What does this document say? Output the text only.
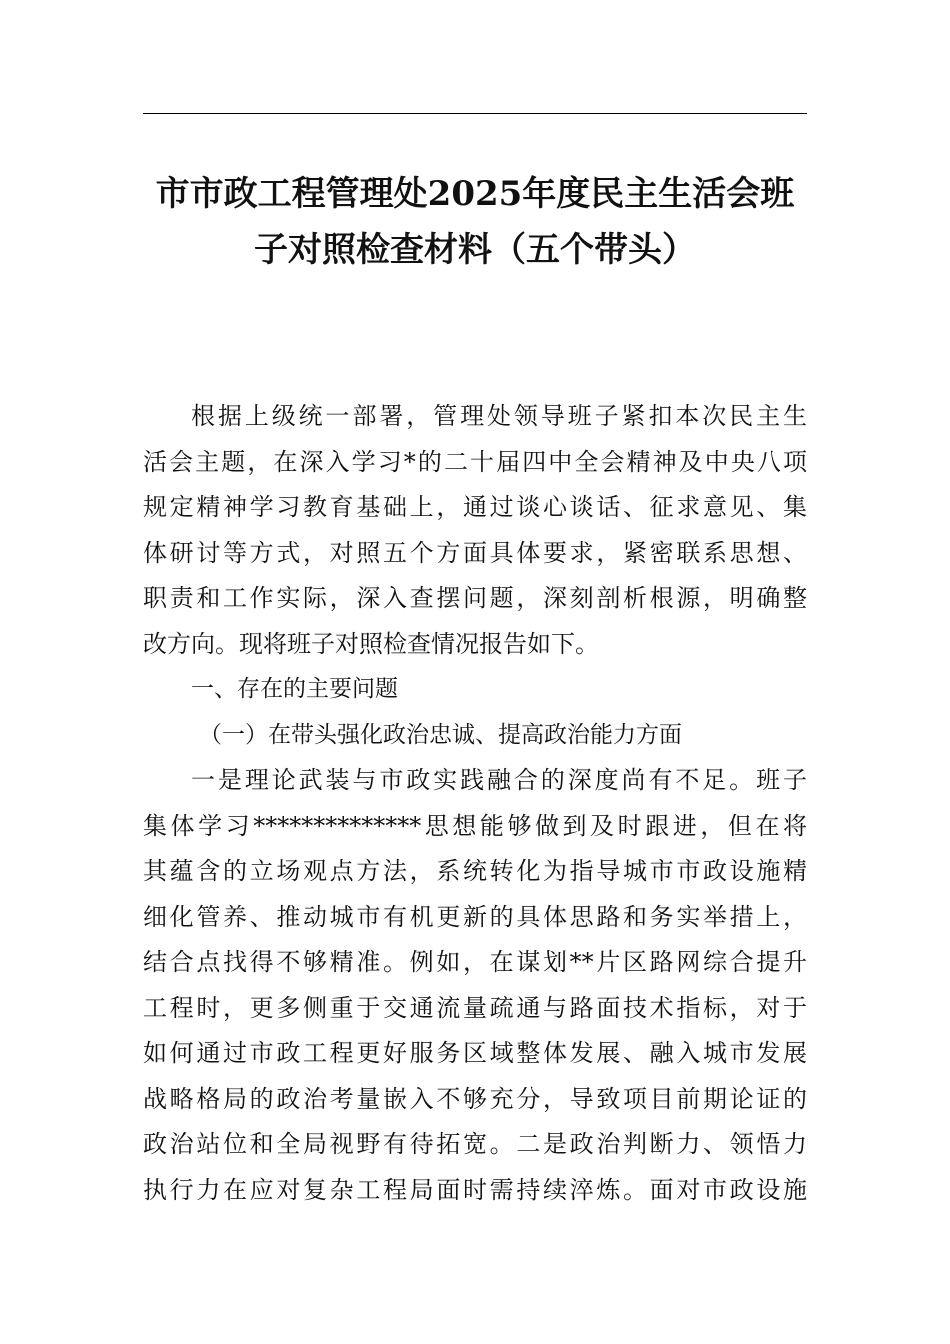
市市政工程管理处2025年度民主生活会班
子对照检查材料（五个带头）
根据上级统一部署，管理处领导班子紧扣本次民主生
活会主题，在深入学习*的二十届四中全会精神及中央八项
规定精神学习教育基础上，通过谈心谈话、征求意见、集
体研讨等方式，对照五个方面具体要求，紧密联系思想、
职责和工作实际，深入查摆问题，深刻剖析根源，明确整
改方向。现将班子对照检查情况报告如下。
一、存在的主要问题
（一）在带头强化政治忠诚、提高政治能力方面
一是理论武装与市政实践融合的深度尚有不足。班子
集体学习**************思想能够做到及时跟进，但在将
其蕴含的立场观点方法，系统转化为指导城市市政设施精
细化管养、推动城市有机更新的具体思路和务实举措上，
结合点找得不够精准。例如，在谋划**片区路网综合提升
工程时，更多侧重于交通流量疏通与路面技术指标，对于
如何通过市政工程更好服务区域整体发展、融入城市发展
战略格局的政治考量嵌入不够充分，导致项目前期论证的
政治站位和全局视野有待拓宽。二是政治判断力、领悟力
执行力在应对复杂工程局面时需持续淬炼。面对市政设施
